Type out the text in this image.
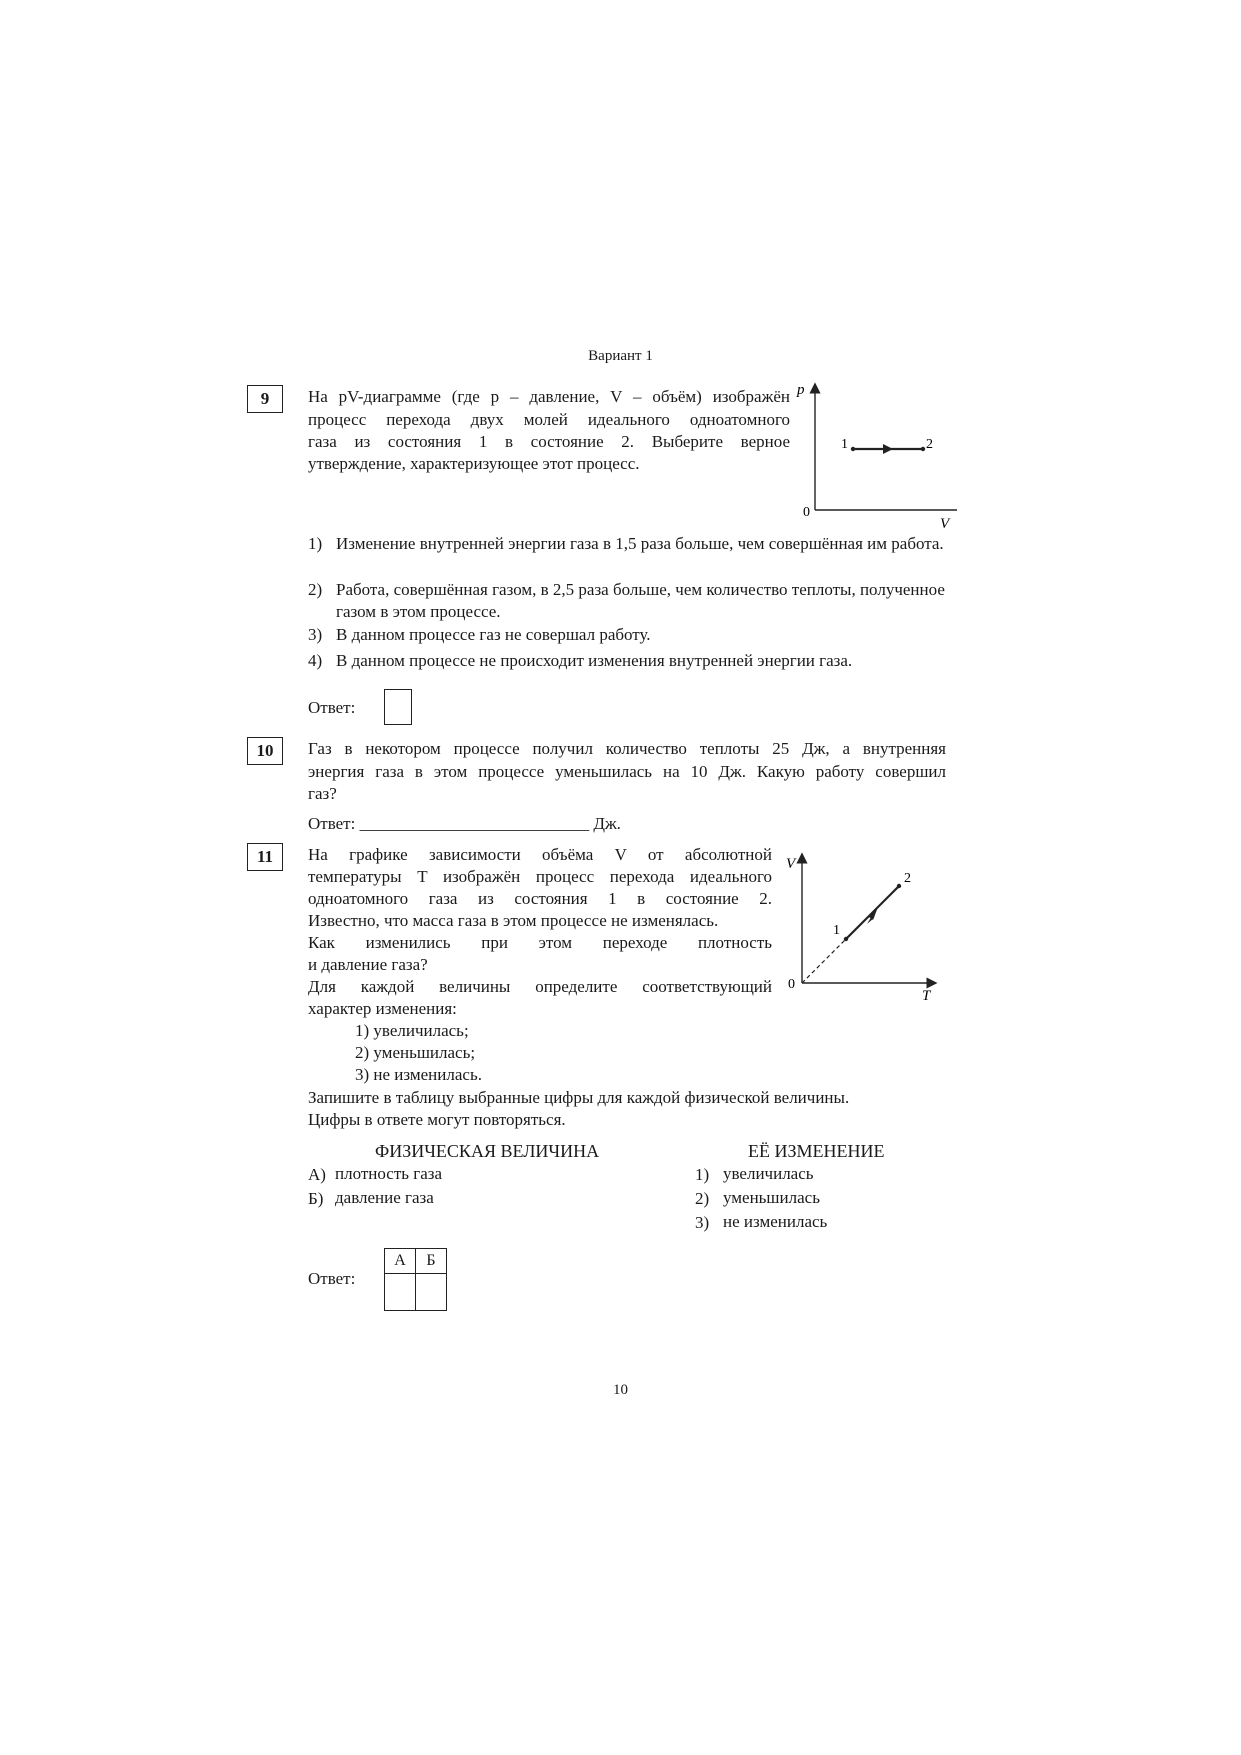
Вариант 1
9	На pV-диаграмме (где p – давление, V – объём) изображён
процесс перехода двух молей идеального одноатомного
газа из состояния 1 в состояние 2. Выберите верное
утверждение, характеризующее этот процесс.
p
V
0
1	2
1) Изменение внутренней энергии газа в 1,5 раза больше, чем совершённая им работа.
2) Работа, совершённая газом, в 2,5 раза больше, чем количество теплоты, полученное газом в этом процессе.
3) В данном процессе газ не совершал работу.
4) В данном процессе не происходит изменения внутренней энергии газа.
Ответ:
10	Газ в некотором процессе получил количество теплоты 25 Дж, а внутренняя
энергия газа в этом процессе уменьшилась на 10 Дж. Какую работу совершил
газ?
Ответ: ___________________________ Дж.
11	На графике зависимости объёма V от абсолютной
температуры T изображён процесс перехода идеального
одноатомного газа из состояния 1 в состояние 2.
Известно, что масса газа в этом процессе не изменялась.
Как изменились при этом переходе плотность
и давление газа?
Для каждой величины определите соответствующий
характер изменения:
1) увеличилась;
2) уменьшилась;
3) не изменилась.
Запишите в таблицу выбранные цифры для каждой физической величины.
Цифры в ответе могут повторяться.
V
T
0
1
2
ФИЗИЧЕСКАЯ ВЕЛИЧИНА	ЕЁ ИЗМЕНЕНИЕ
А) плотность газа
Б) давление газа
1) увеличилась
2) уменьшилась
3) не изменилась
Ответ:
А	Б

10
